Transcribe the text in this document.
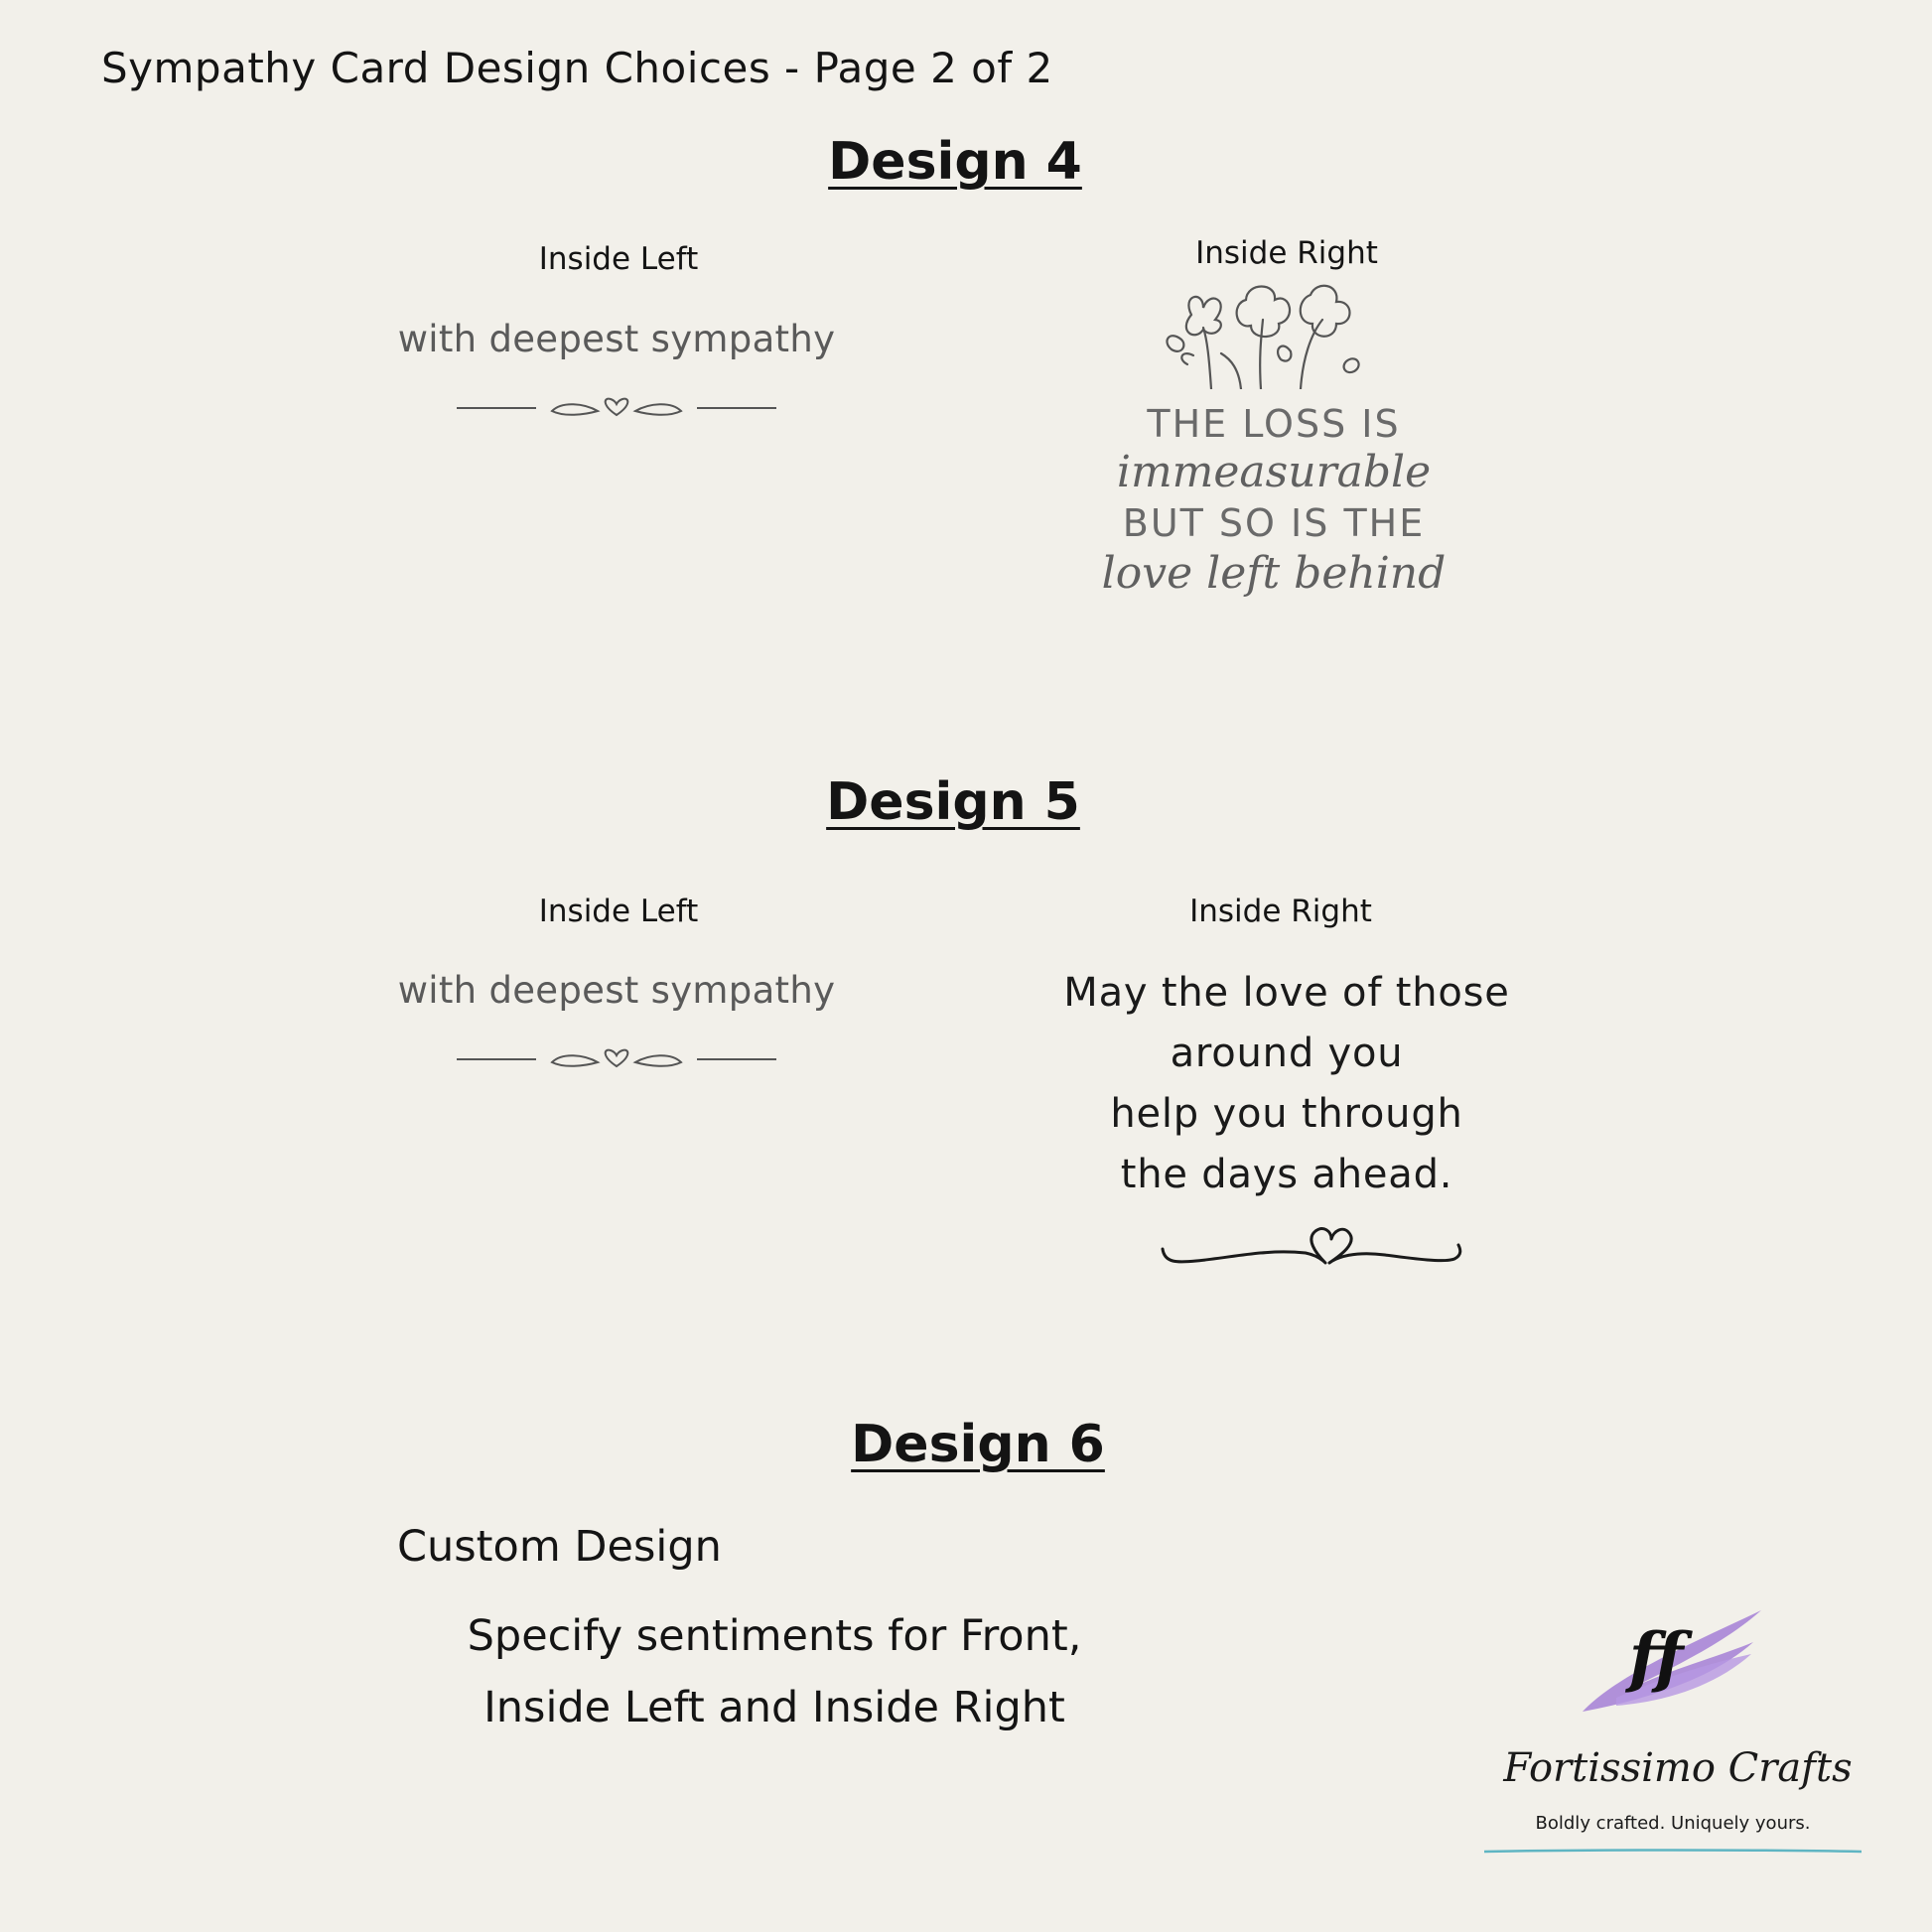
Sympathy Card Design Choices - Page 2 of 2
Design 4
Inside Left
with deepest sympathy
Inside Right
THE LOSS IS
immeasurable
BUT SO IS THE
love left behind
Design 5
Inside Left
with deepest sympathy
Inside Right
May the love of those
around you
help you through
the days ahead.
Design 6
Custom Design
Specify sentiments for Front,
Inside Left and Inside Right
ff
Fortissimo Crafts
Boldly crafted. Uniquely yours.
